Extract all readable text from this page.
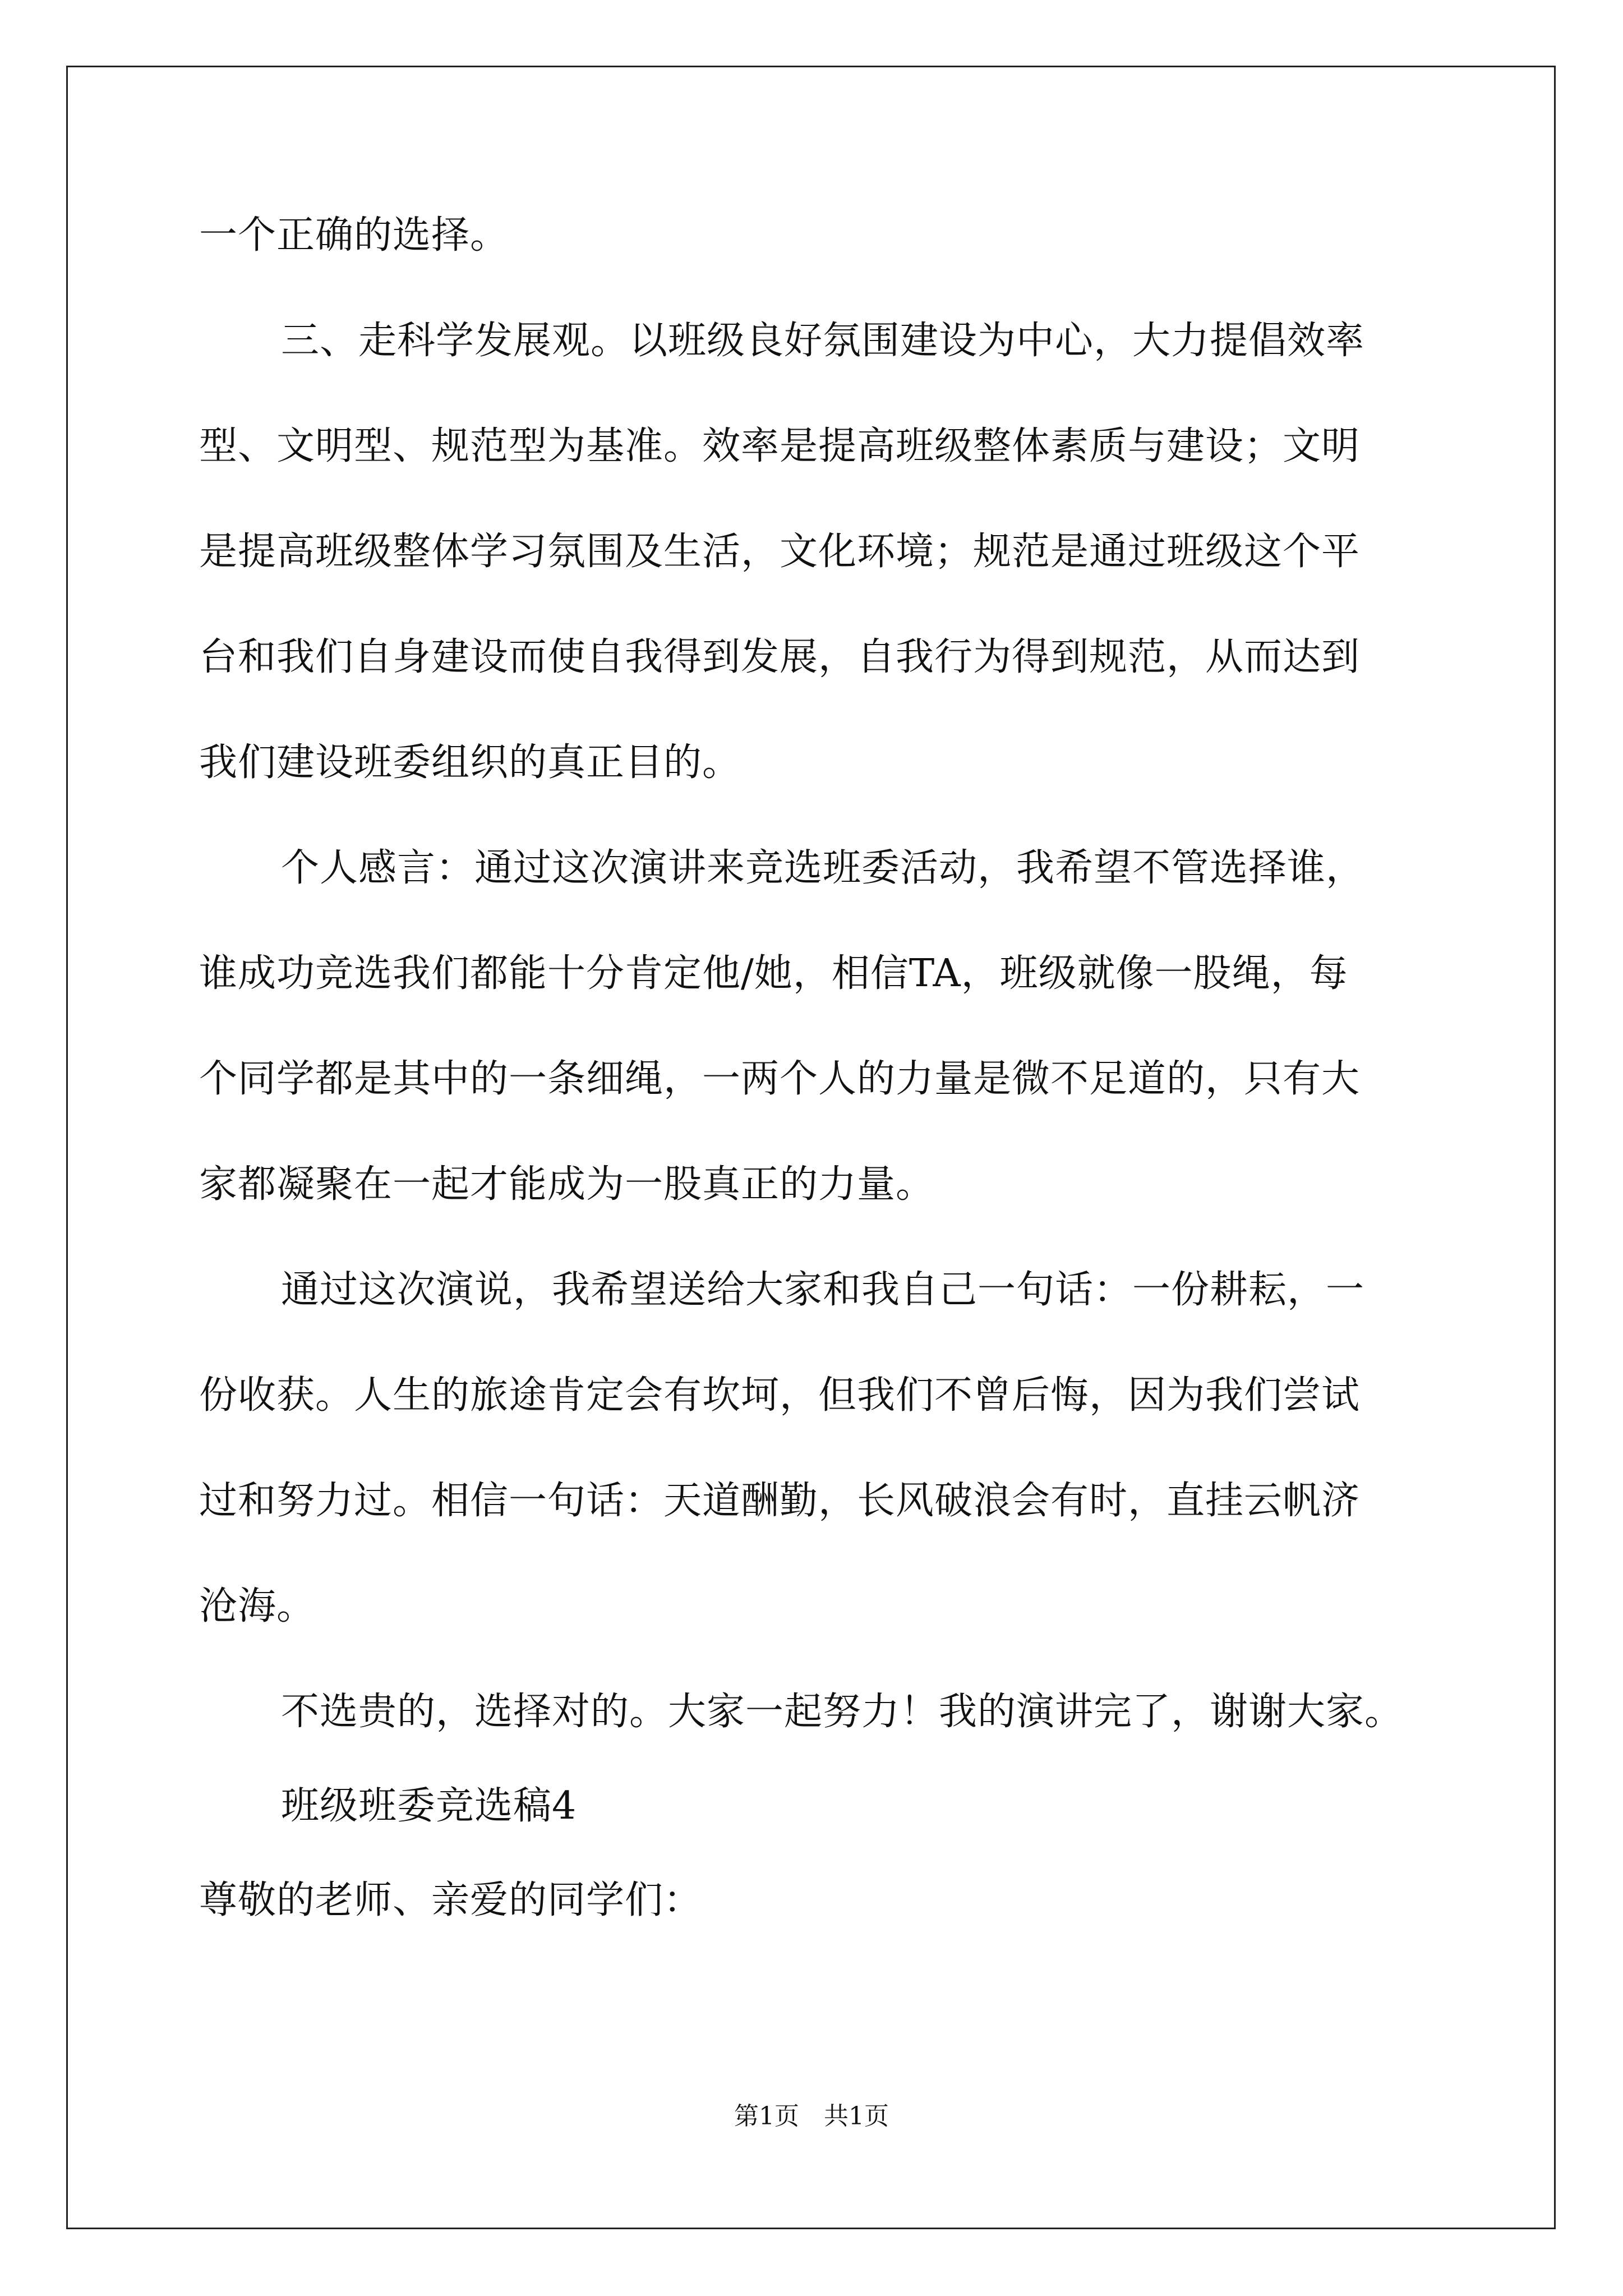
一个正确的选择。
三、走科学发展观。以班级良好氛围建设为中心，大力提倡效率
型、文明型、规范型为基准。效率是提高班级整体素质与建设；文明
是提高班级整体学习氛围及生活，文化环境；规范是通过班级这个平
台和我们自身建设而使自我得到发展，自我行为得到规范，从而达到
我们建设班委组织的真正目的。
个人感言：通过这次演讲来竞选班委活动，我希望不管选择谁，
谁成功竞选我们都能十分肯定他/她，相信TA，班级就像一股绳，每
个同学都是其中的一条细绳，一两个人的力量是微不足道的，只有大
家都凝聚在一起才能成为一股真正的力量。
通过这次演说，我希望送给大家和我自己一句话：一份耕耘，一
份收获。人生的旅途肯定会有坎坷，但我们不曾后悔，因为我们尝试
过和努力过。相信一句话：天道酬勤，长风破浪会有时，直挂云帆济
沧海。
不选贵的，选择对的。大家一起努力！我的演讲完了，谢谢大家。
班级班委竞选稿4
尊敬的老师、亲爱的同学们：
第1页　共1页
